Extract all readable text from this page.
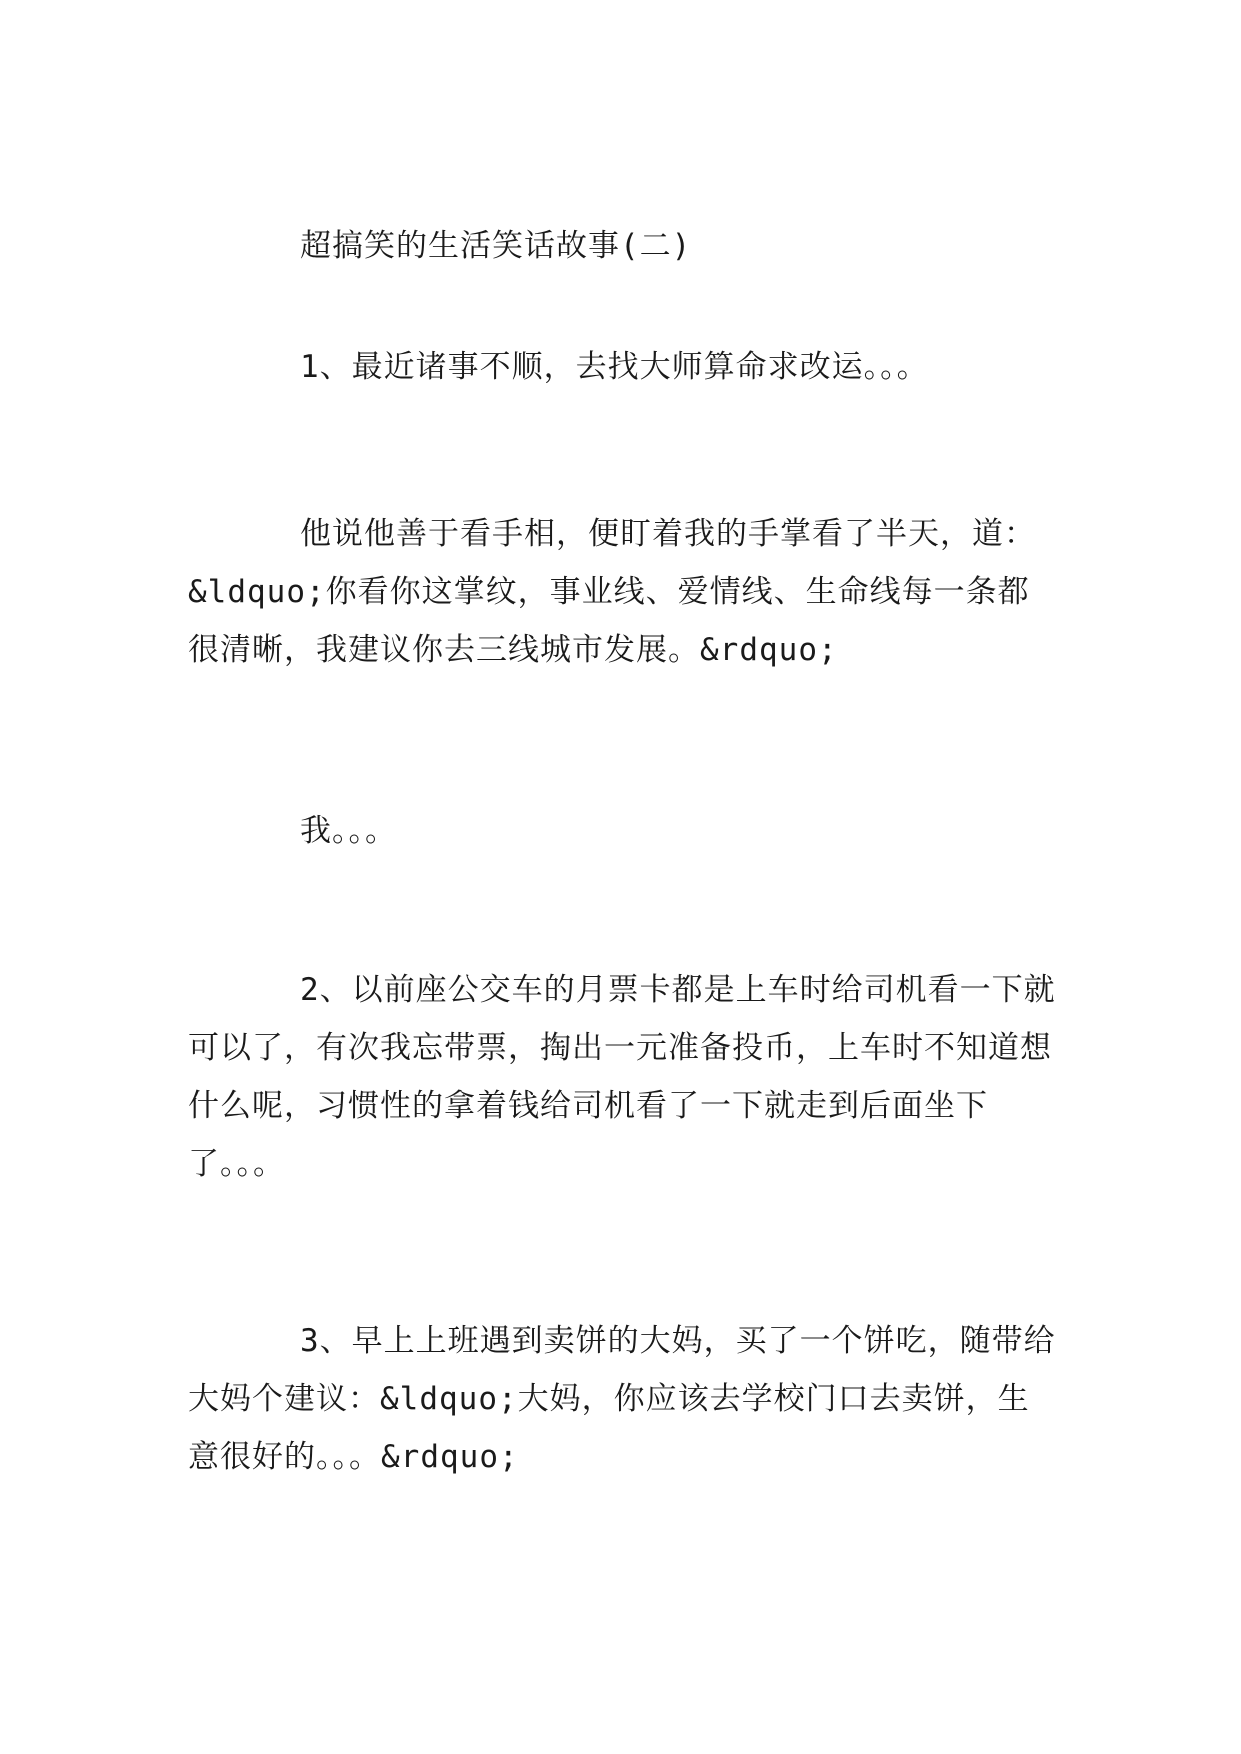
超搞笑的生活笑话故事(二)

1、最近诸事不顺，去找大师算命求改运。。。

他说他善于看手相，便盯着我的手掌看了半天，道：&ldquo;你看你这掌纹，事业线、爱情线、生命线每一条都很清晰，我建议你去三线城市发展。&rdquo;

我。。。

2、以前座公交车的月票卡都是上车时给司机看一下就可以了，有次我忘带票，掏出一元准备投币，上车时不知道想什么呢，习惯性的拿着钱给司机看了一下就走到后面坐下了。。。

3、早上上班遇到卖饼的大妈，买了一个饼吃，随带给大妈个建议：&ldquo;大妈，你应该去学校门口去卖饼，生意很好的。。。&rdquo;
